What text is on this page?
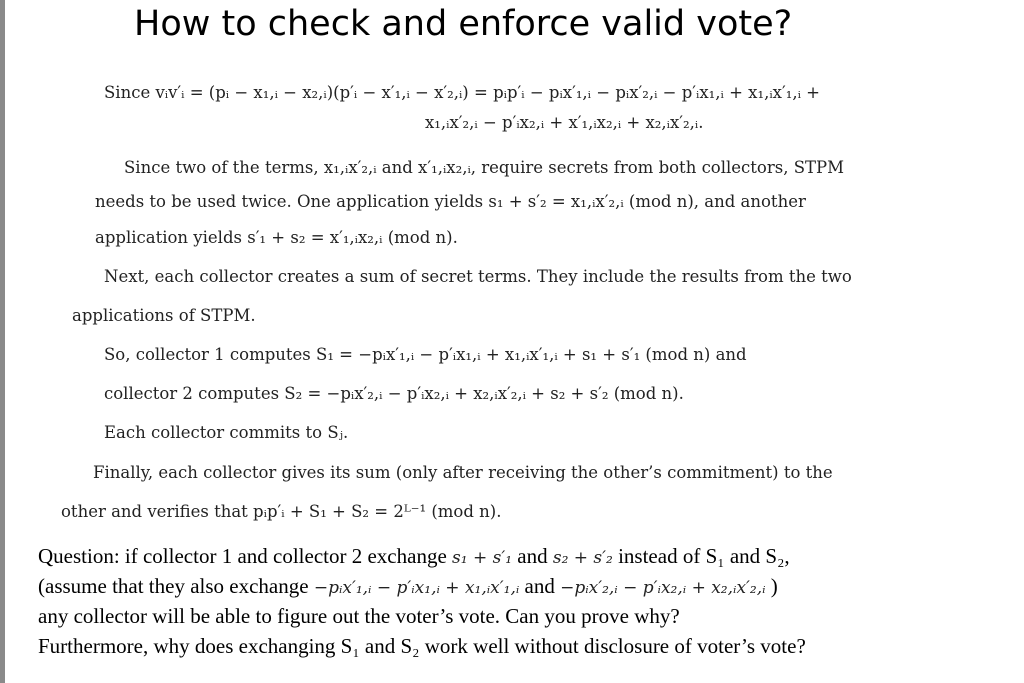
How to check and enforce valid vote?
Since vᵢv′ᵢ = (pᵢ − x₁,ᵢ − x₂,ᵢ)(p′ᵢ − x′₁,ᵢ − x′₂,ᵢ) = pᵢp′ᵢ − pᵢx′₁,ᵢ − pᵢx′₂,ᵢ − p′ᵢx₁,ᵢ + x₁,ᵢx′₁,ᵢ +
x₁,ᵢx′₂,ᵢ − p′ᵢx₂,ᵢ + x′₁,ᵢx₂,ᵢ + x₂,ᵢx′₂,ᵢ.
Since two of the terms, x₁,ᵢx′₂,ᵢ and x′₁,ᵢx₂,ᵢ, require secrets from both collectors, STPM
needs to be used twice. One application yields s₁ + s′₂ = x₁,ᵢx′₂,ᵢ (mod n), and another
application yields s′₁ + s₂ = x′₁,ᵢx₂,ᵢ (mod n).
Next, each collector creates a sum of secret terms. They include the results from the two
applications of STPM.
So, collector 1 computes S₁ = −pᵢx′₁,ᵢ − p′ᵢx₁,ᵢ + x₁,ᵢx′₁,ᵢ + s₁ + s′₁ (mod n) and
collector 2 computes S₂ = −pᵢx′₂,ᵢ − p′ᵢx₂,ᵢ + x₂,ᵢx′₂,ᵢ + s₂ + s′₂ (mod n).
Each collector commits to Sⱼ.
Finally, each collector gives its sum (only after receiving the other’s commitment) to the
other and verifies that pᵢp′ᵢ + S₁ + S₂ = 2ᴸ⁻¹ (mod n).
Question: if collector 1 and collector 2 exchange s₁ + s′₁ and s₂ + s′₂ instead of S₁ and S₂,
(assume that they also exchange −pᵢx′₁,ᵢ − p′ᵢx₁,ᵢ + x₁,ᵢx′₁,ᵢ and −pᵢx′₂,ᵢ − p′ᵢx₂,ᵢ + x₂,ᵢx′₂,ᵢ )
any collector will be able to figure out the voter’s vote. Can you prove why?
Furthermore, why does exchanging S₁ and S₂ work well without disclosure of voter’s vote?
